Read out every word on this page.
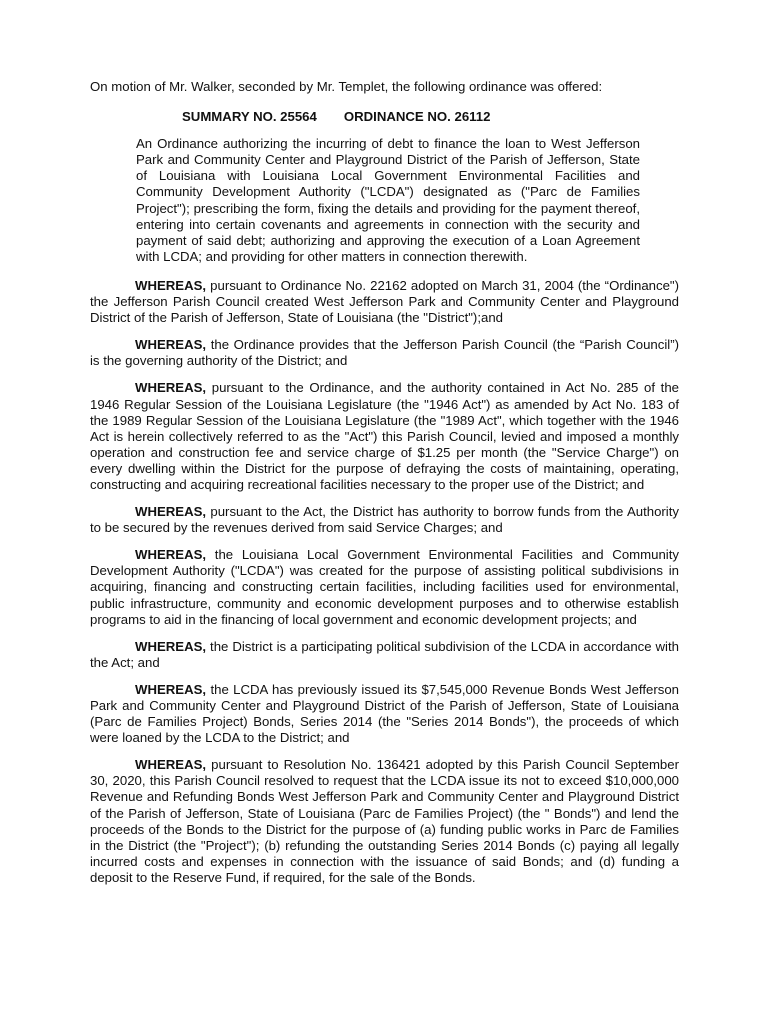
On motion of Mr. Walker, seconded by Mr. Templet, the following ordinance was offered:

SUMMARY NO. 25564 ORDINANCE NO. 26112

An Ordinance authorizing the incurring of debt to finance the loan to West Jefferson Park and Community Center and Playground District of the Parish of Jefferson, State of Louisiana with Louisiana Local Government Environmental Facilities and Community Development Authority ("LCDA") designated as ("Parc de Families Project"); prescribing the form, fixing the details and providing for the payment thereof, entering into certain covenants and agreements in connection with the security and payment of said debt; authorizing and approving the execution of a Loan Agreement with LCDA; and providing for other matters in connection therewith.

WHEREAS, pursuant to Ordinance No. 22162 adopted on March 31, 2004 (the “Ordinance") the Jefferson Parish Council created West Jefferson Park and Community Center and Playground District of the Parish of Jefferson, State of Louisiana (the "District");and

WHEREAS, the Ordinance provides that the Jefferson Parish Council (the “Parish Council”) is the governing authority of the District; and

WHEREAS, pursuant to the Ordinance, and the authority contained in Act No. 285 of the 1946 Regular Session of the Louisiana Legislature (the "1946 Act") as amended by Act No. 183 of the 1989 Regular Session of the Louisiana Legislature (the "1989 Act", which together with the 1946 Act is herein collectively referred to as the "Act") this Parish Council, levied and imposed a monthly operation and construction fee and service charge of $1.25 per month (the "Service Charge") on every dwelling within the District for the purpose of defraying the costs of maintaining, operating, constructing and acquiring recreational facilities necessary to the proper use of the District; and

WHEREAS, pursuant to the Act, the District has authority to borrow funds from the Authority to be secured by the revenues derived from said Service Charges; and

WHEREAS, the Louisiana Local Government Environmental Facilities and Community Development Authority ("LCDA") was created for the purpose of assisting political subdivisions in acquiring, financing and constructing certain facilities, including facilities used for environmental, public infrastructure, community and economic development purposes and to otherwise establish programs to aid in the financing of local government and economic development projects; and

WHEREAS, the District is a participating political subdivision of the LCDA in accordance with the Act; and

WHEREAS, the LCDA has previously issued its $7,545,000 Revenue Bonds West Jefferson Park and Community Center and Playground District of the Parish of Jefferson, State of Louisiana (Parc de Families Project) Bonds, Series 2014 (the "Series 2014 Bonds"), the proceeds of which were loaned by the LCDA to the District; and

WHEREAS, pursuant to Resolution No. 136421 adopted by this Parish Council September 30, 2020, this Parish Council resolved to request that the LCDA issue its not to exceed $10,000,000 Revenue and Refunding Bonds West Jefferson Park and Community Center and Playground District of the Parish of Jefferson, State of Louisiana (Parc de Families Project) (the " Bonds") and lend the proceeds of the Bonds to the District for the purpose of (a) funding public works in Parc de Families in the District (the "Project"); (b) refunding the outstanding Series 2014 Bonds (c) paying all legally incurred costs and expenses in connection with the issuance of said Bonds; and (d) funding a deposit to the Reserve Fund, if required, for the sale of the Bonds.
